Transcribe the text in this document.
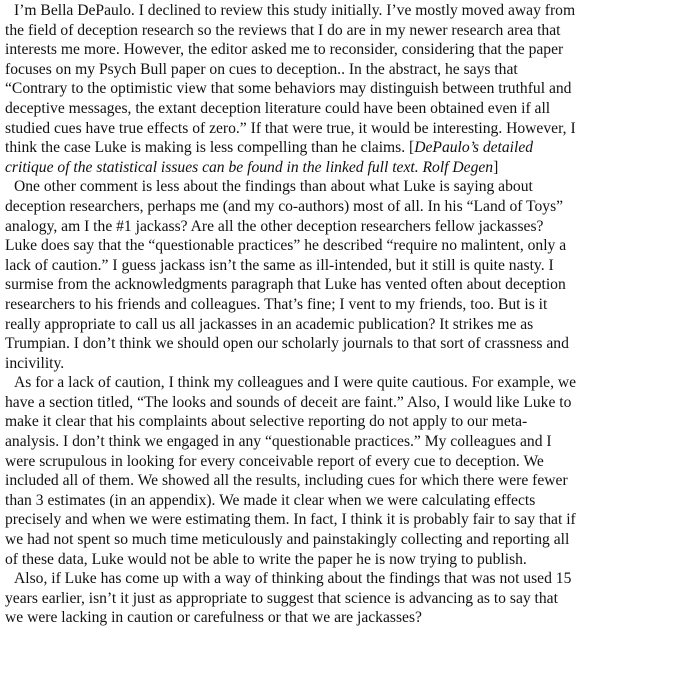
I’m Bella DePaulo. I declined to review this study initially. I’ve mostly moved away from
the field of deception research so the reviews that I do are in my newer research area that
interests me more. However, the editor asked me to reconsider, considering that the paper
focuses on my Psych Bull paper on cues to deception.. In the abstract, he says that
“Contrary to the optimistic view that some behaviors may distinguish between truthful and
deceptive messages, the extant deception literature could have been obtained even if all
studied cues have true effects of zero.” If that were true, it would be interesting. However, I
think the case Luke is making is less compelling than he claims. [DePaulo’s detailed
critique of the statistical issues can be found in the linked full text. Rolf Degen]

One other comment is less about the findings than about what Luke is saying about
deception researchers, perhaps me (and my co-authors) most of all. In his “Land of Toys”
analogy, am I the #1 jackass? Are all the other deception researchers fellow jackasses?
Luke does say that the “questionable practices” he described “require no malintent, only a
lack of caution.” I guess jackass isn’t the same as ill-intended, but it still is quite nasty. I
surmise from the acknowledgments paragraph that Luke has vented often about deception
researchers to his friends and colleagues. That’s fine; I vent to my friends, too. But is it
really appropriate to call us all jackasses in an academic publication? It strikes me as
Trumpian. I don’t think we should open our scholarly journals to that sort of crassness and
incivility.

As for a lack of caution, I think my colleagues and I were quite cautious. For example, we
have a section titled, “The looks and sounds of deceit are faint.” Also, I would like Luke to
make it clear that his complaints about selective reporting do not apply to our meta-
analysis. I don’t think we engaged in any “questionable practices.” My colleagues and I
were scrupulous in looking for every conceivable report of every cue to deception. We
included all of them. We showed all the results, including cues for which there were fewer
than 3 estimates (in an appendix). We made it clear when we were calculating effects
precisely and when we were estimating them. In fact, I think it is probably fair to say that if
we had not spent so much time meticulously and painstakingly collecting and reporting all
of these data, Luke would not be able to write the paper he is now trying to publish.

Also, if Luke has come up with a way of thinking about the findings that was not used 15
years earlier, isn’t it just as appropriate to suggest that science is advancing as to say that
we were lacking in caution or carefulness or that we are jackasses?
